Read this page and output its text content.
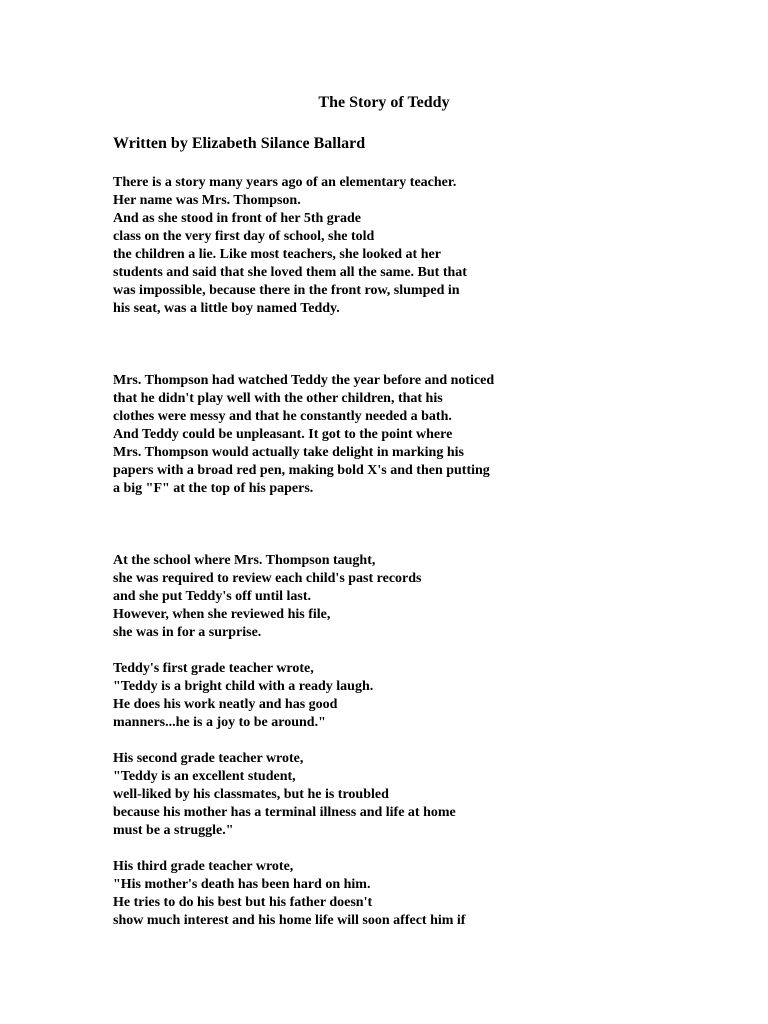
The Story of Teddy
Written by Elizabeth Silance Ballard
There is a story many years ago of an elementary teacher.
Her name was Mrs. Thompson.
And as she stood in front of her 5th grade
class on the very first day of school, she told
the children a lie. Like most teachers, she looked at her
students and said that she loved them all the same. But that
was impossible, because there in the front row, slumped in
his seat, was a little boy named Teddy.
Mrs. Thompson had watched Teddy the year before and noticed
that he didn't play well with the other children, that his
clothes were messy and that he constantly needed a bath.
And Teddy could be unpleasant. It got to the point where
Mrs. Thompson would actually take delight in marking his
papers with a broad red pen, making bold X's and then putting
a big "F" at the top of his papers.
At the school where Mrs. Thompson taught,
she was required to review each child's past records
and she put Teddy's off until last.
However, when she reviewed his file,
she was in for a surprise.
Teddy's first grade teacher wrote,
"Teddy is a bright child with a ready laugh.
He does his work neatly and has good
manners...he is a joy to be around."
His second grade teacher wrote,
"Teddy is an excellent student,
well-liked by his classmates, but he is troubled
because his mother has a terminal illness and life at home
must be a struggle."
His third grade teacher wrote,
"His mother's death has been hard on him.
He tries to do his best but his father doesn't
show much interest and his home life will soon affect him if
